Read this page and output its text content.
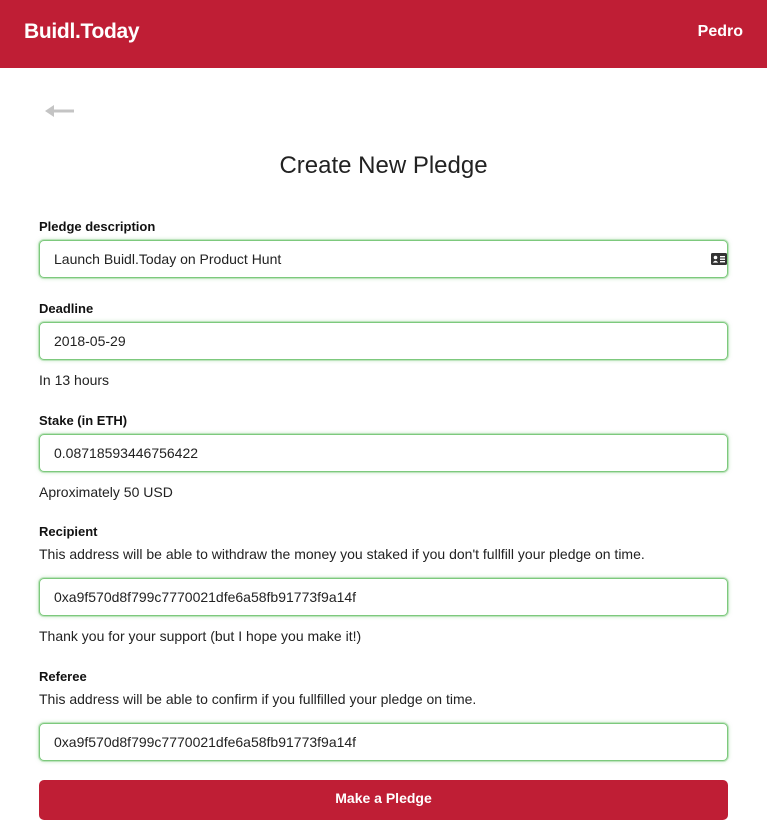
Buidl.Today	Pedro
Create New Pledge
Pledge description
Launch Buidl.Today on Product Hunt
Deadline
2018-05-29
In 13 hours
Stake (in ETH)
0.08718593446756422
Aproximately 50 USD
Recipient
This address will be able to withdraw the money you staked if you don't fullfill your pledge on time.
0xa9f570d8f799c7770021dfe6a58fb91773f9a14f
Thank you for your support (but I hope you make it!)
Referee
This address will be able to confirm if you fullfilled your pledge on time.
0xa9f570d8f799c7770021dfe6a58fb91773f9a14f
Make a Pledge
